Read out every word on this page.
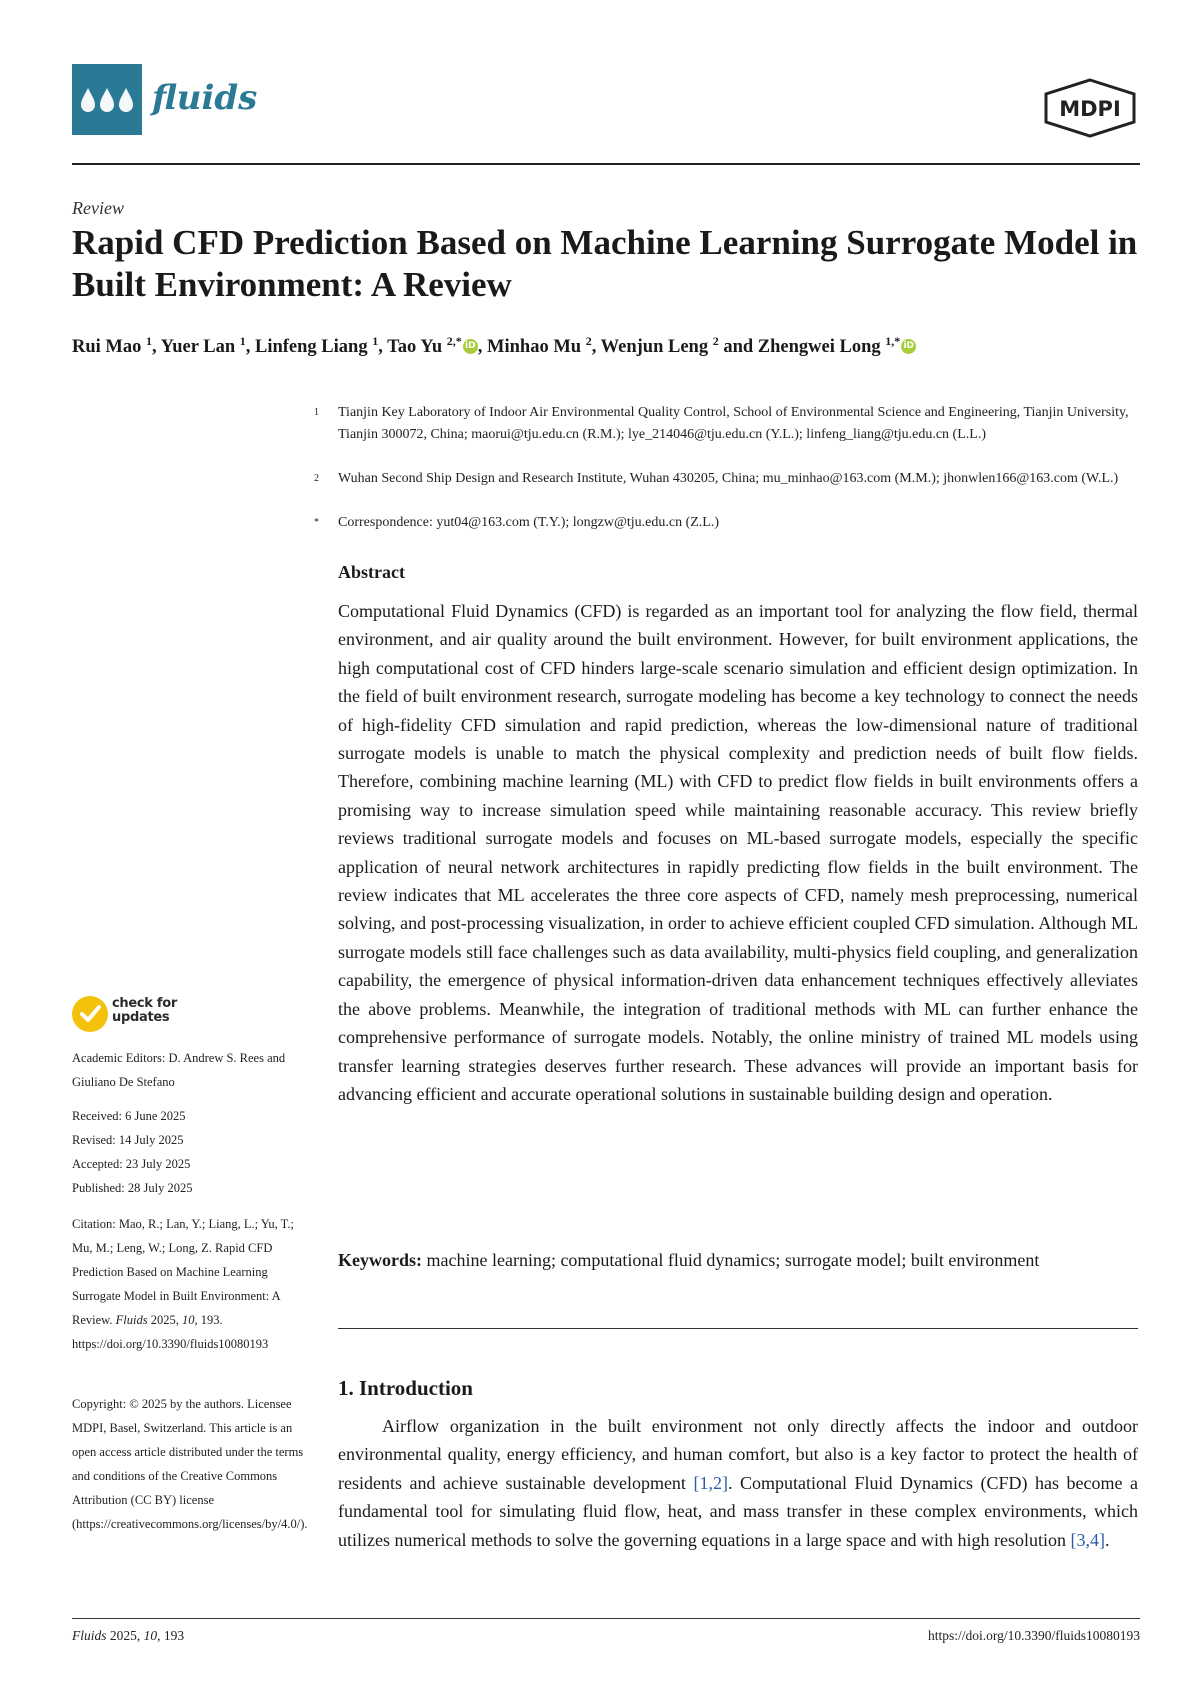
fluids	MDPI
Review
Rapid CFD Prediction Based on Machine Learning Surrogate Model in Built Environment: A Review
Rui Mao $^1$, Yuer Lan $^1$, Linfeng Liang $^1$, Tao Yu $^{2,*}$ iD , Minhao Mu $^2$, Wenjun Leng $^2$ and Zhengwei Long $^{1,*}$ iD
1 Tianjin Key Laboratory of Indoor Air Environmental Quality Control, School of Environmental Science and Engineering, Tianjin University, Tianjin 300072, China; maorui@tju.edu.cn (R.M.); lye_214046@tju.edu.cn (Y.L.); linfeng_liang@tju.edu.cn (L.L.)
2 Wuhan Second Ship Design and Research Institute, Wuhan 430205, China; mu_minhao@163.com (M.M.); jhonwlen166@163.com (W.L.)
* Correspondence: yut04@163.com (T.Y.); longzw@tju.edu.cn (Z.L.)
Abstract
Computational Fluid Dynamics (CFD) is regarded as an important tool for analyzing the flow field, thermal environment, and air quality around the built environment. However, for built environment applications, the high computational cost of CFD hinders large-scale scenario simulation and efficient design optimization. In the field of built environment research, surrogate modeling has become a key technology to connect the needs of high-fidelity CFD simulation and rapid prediction, whereas the low-dimensional nature of traditional surrogate models is unable to match the physical complexity and prediction needs of built flow fields. Therefore, combining machine learning (ML) with CFD to predict flow fields in built environments offers a promising way to increase simulation speed while maintaining reasonable accuracy. This review briefly reviews traditional surrogate models and focuses on ML-based surrogate models, especially the specific application of neural network architectures in rapidly predicting flow fields in the built environment. The review indicates that ML accelerates the three core aspects of CFD, namely mesh preprocessing, numerical solving, and post-processing visualization, in order to achieve efficient coupled CFD simulation. Although ML surrogate models still face challenges such as data availability, multi-physics field coupling, and generalization capability, the emergence of physical information-driven data enhancement techniques effectively alleviates the above problems. Meanwhile, the integration of traditional methods with ML can further enhance the comprehensive performance of surrogate models. Notably, the online ministry of trained ML models using transfer learning strategies deserves further research. These advances will provide an important basis for advancing efficient and accurate operational solutions in sustainable building design and operation.
Keywords: machine learning; computational fluid dynamics; surrogate model; built environment
1. Introduction
Airflow organization in the built environment not only directly affects the indoor and outdoor environmental quality, energy efficiency, and human comfort, but also is a key factor to protect the health of residents and achieve sustainable development [1,2]. Computational Fluid Dynamics (CFD) has become a fundamental tool for simulating fluid flow, heat, and mass transfer in these complex environments, which utilizes numerical methods to solve the governing equations in a large space and with high resolution [3,4].
check for
updates
Academic Editors: D. Andrew S. Rees and Giuliano De Stefano
Received: 6 June 2025
Revised: 14 July 2025
Accepted: 23 July 2025
Published: 28 July 2025
Citation: Mao, R.; Lan, Y.; Liang, L.; Yu, T.; Mu, M.; Leng, W.; Long, Z. Rapid CFD Prediction Based on Machine Learning Surrogate Model in Built Environment: A Review. Fluids 2025, 10, 193. https://doi.org/10.3390/fluids10080193
Copyright: © 2025 by the authors. Licensee MDPI, Basel, Switzerland. This article is an open access article distributed under the terms and conditions of the Creative Commons Attribution (CC BY) license (https://creativecommons.org/licenses/by/4.0/).
Fluids 2025, 10, 193	https://doi.org/10.3390/fluids10080193
